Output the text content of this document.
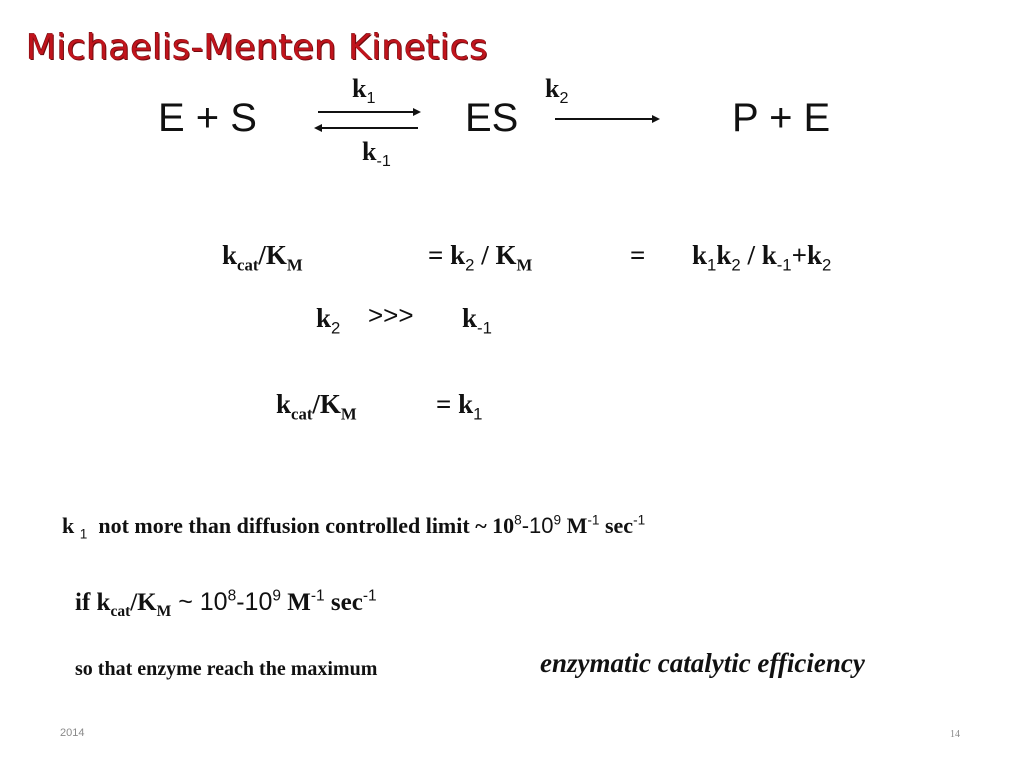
Michaelis-Menten Kinetics
E + S	ES	P + E
$k_1$
$k_{-1}$
$k_2$
$k_{cat}/K_M$	= $k_2 / K_M$	= $k_1k_2 / k_{-1}+k_2$
$k_2$ >>> $k_{-1}$
$k_{cat}/K_M$	= $k_1$
k $_1$ not more than diffusion controlled limit ~ $10^8-10^9$ $M^{-1}$ $\sec^{-1}$
if $k_{cat}/K_M$ ~ $10^8-10^9$ $M^{-1}$ $\sec^{-1}$
so that enzyme reach the maximum	enzymatic catalytic efficiency
2014	14
